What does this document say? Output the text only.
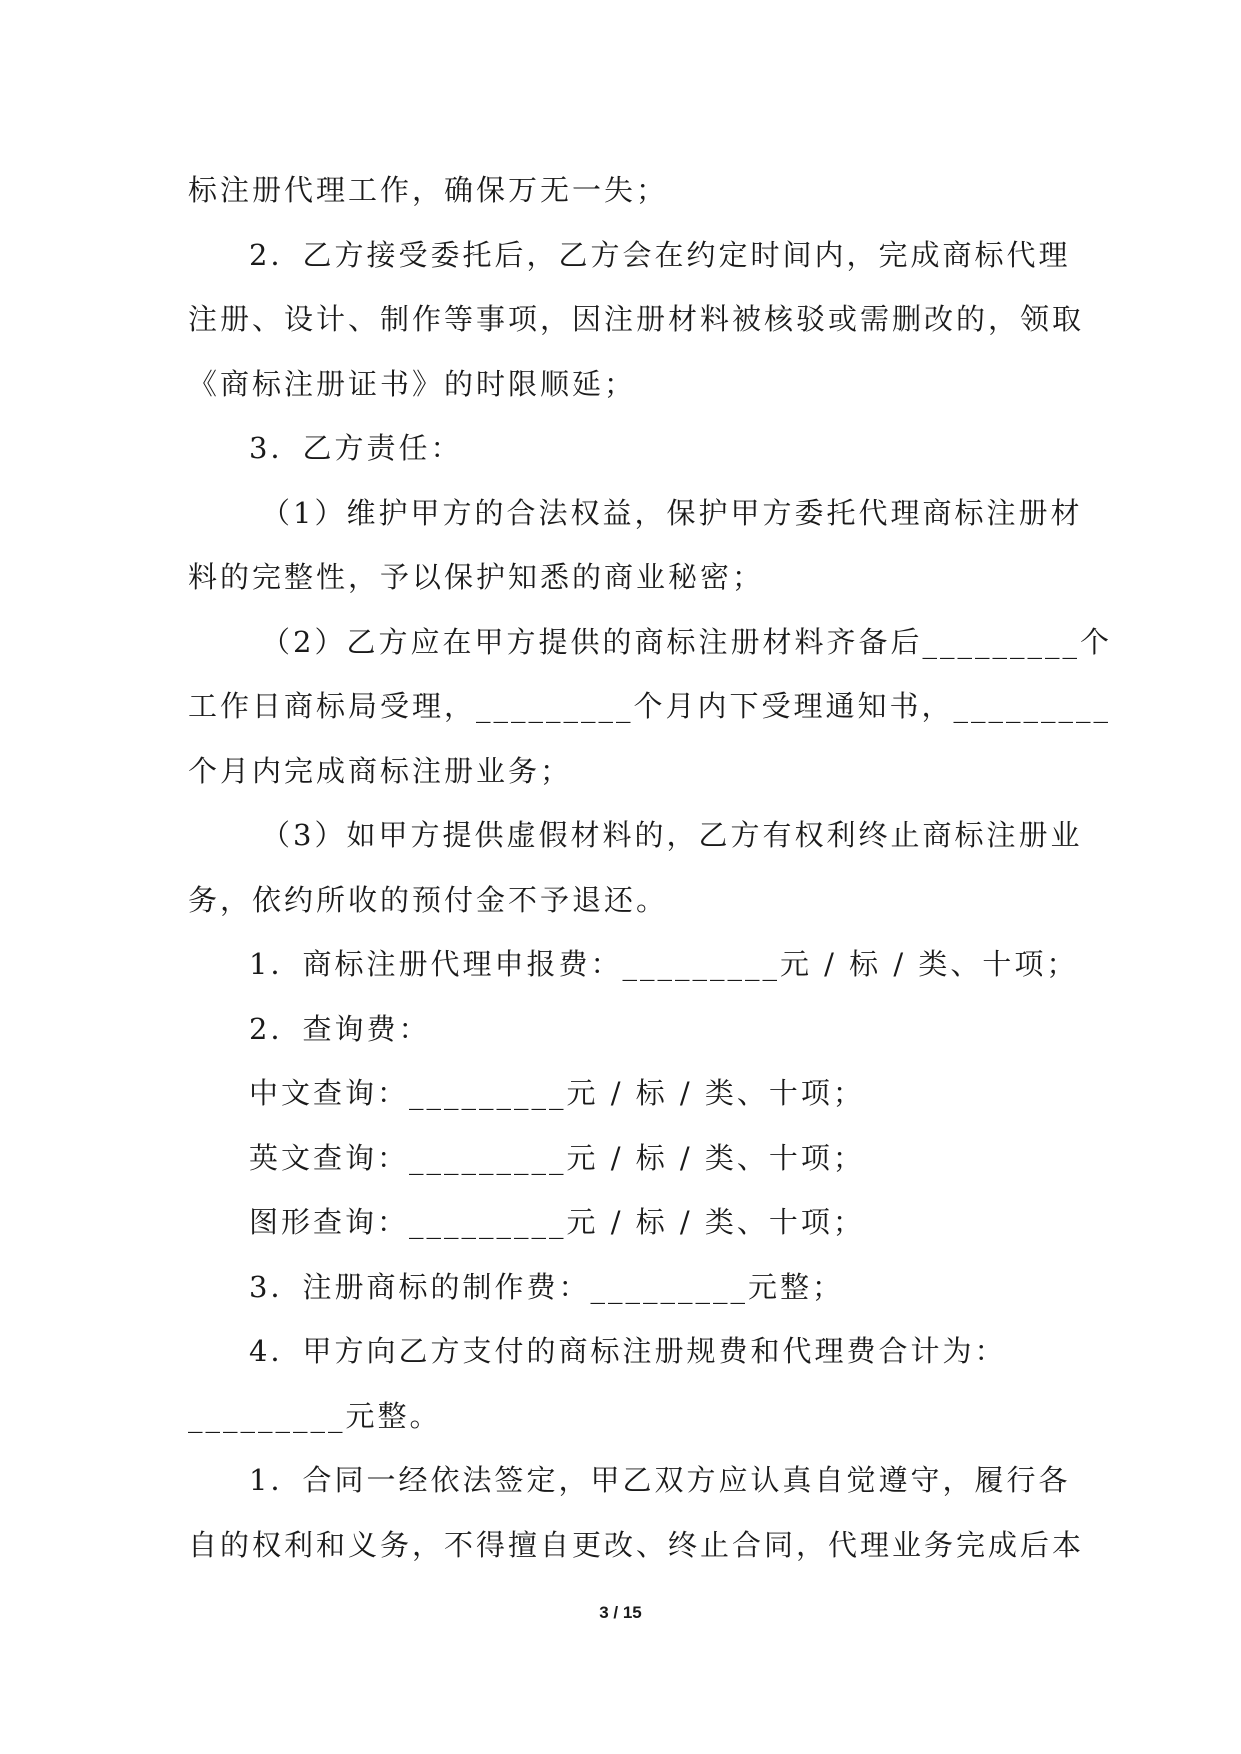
标注册代理工作，确保万无一失；

2．乙方接受委托后，乙方会在约定时间内，完成商标代理

注册、设计、制作等事项，因注册材料被核驳或需删改的，领取

《商标注册证书》的时限顺延；

3．乙方责任：

（1）维护甲方的合法权益，保护甲方委托代理商标注册材

料的完整性，予以保护知悉的商业秘密；

（2）乙方应在甲方提供的商标注册材料齐备后_________个

工作日商标局受理，_________个月内下受理通知书，_________

个月内完成商标注册业务；

（3）如甲方提供虚假材料的，乙方有权利终止商标注册业

务，依约所收的预付金不予退还。

1．商标注册代理申报费：_________元 / 标 / 类、十项；

2．查询费：

中文查询：_________元 / 标 / 类、十项；

英文查询：_________元 / 标 / 类、十项；

图形查询：_________元 / 标 / 类、十项；

3．注册商标的制作费：_________元整；

4．甲方向乙方支付的商标注册规费和代理费合计为：

_________元整。

1．合同一经依法签定，甲乙双方应认真自觉遵守，履行各

自的权利和义务，不得擅自更改、终止合同，代理业务完成后本

3 / 15
